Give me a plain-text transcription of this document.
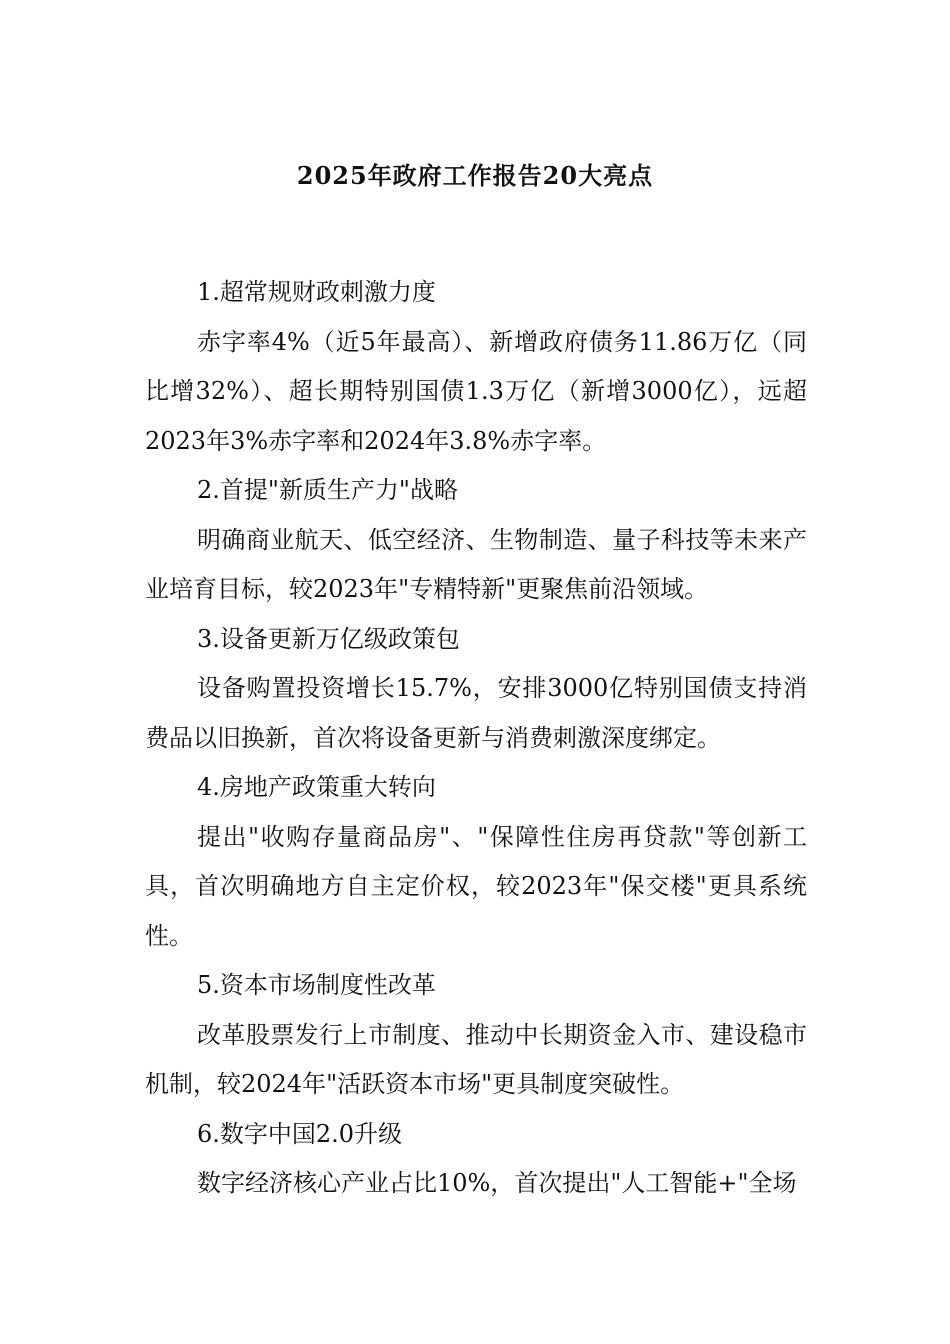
2025年政府工作报告20大亮点

1.超常规财政刺激力度

赤字率4%（近5年最高）、新增政府债务11.86万亿（同比增32%）、超长期特别国债1.3万亿（新增3000亿），远超2023年3%赤字率和2024年3.8%赤字率。

2.首提"新质生产力"战略

明确商业航天、低空经济、生物制造、量子科技等未来产业培育目标，较2023年"专精特新"更聚焦前沿领域。

3.设备更新万亿级政策包

设备购置投资增长15.7%，安排3000亿特别国债支持消费品以旧换新，首次将设备更新与消费刺激深度绑定。

4.房地产政策重大转向

提出"收购存量商品房"、"保障性住房再贷款"等创新工具，首次明确地方自主定价权，较2023年"保交楼"更具系统性。

5.资本市场制度性改革

改革股票发行上市制度、推动中长期资金入市、建设稳市机制，较2024年"活跃资本市场"更具制度突破性。

6.数字中国2.0升级

数字经济核心产业占比10%，首次提出"人工智能+"全场
